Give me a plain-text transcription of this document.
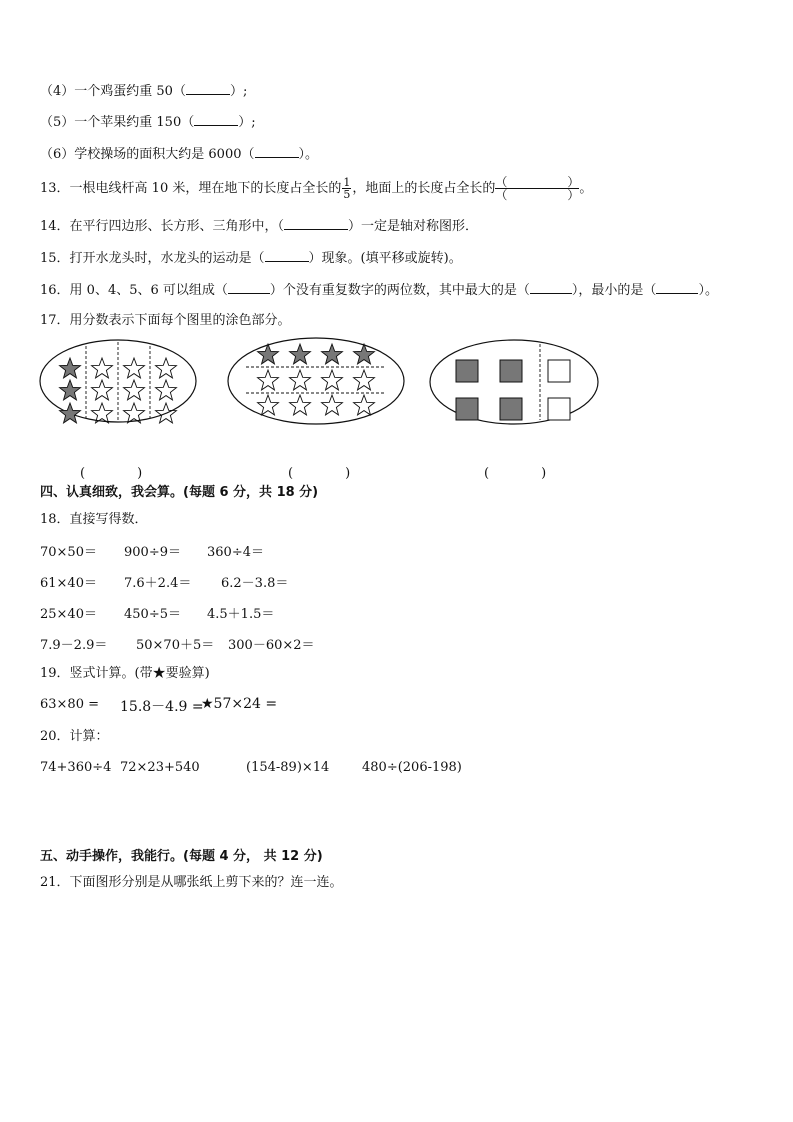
（4）一个鸡蛋约重 50（	）;
（5）一个苹果约重 150（	）;
（6）学校操场的面积大约是 6000（	）。
13．一根电线杆高 10 米，埋在地下的长度占全长的 $\frac{1}{5}$ ，地面上的长度占全长的 $\frac{( )}{( )}$ 。
14．在平行四边形、长方形、三角形中，（	）一定是轴对称图形．
15．打开水龙头时，水龙头的运动是（	）现象。(填平移或旋转)。
16．用 0、4、5、6 可以组成（	）个没有重复数字的两位数，其中最大的是（	），最小的是（	）。
17．用分数表示下面每个图里的涂色部分。
(　　　　)	(　　　　)	(　　　　)
四、认真细致，我会算。(每题 6 分，共 18 分)
18．直接写得数．
70×50＝ 900÷9＝ 360÷4＝
61×40＝ 7.6＋2.4＝ 6.2－3.8＝
25×40＝ 450÷5＝ 4.5＋1.5＝
7.9－2.9＝ 50×70＋5＝ 300－60×2＝
19．竖式计算。(带★要验算)
63×80 = 15.8－4.9 =
★57×24 =
20．计算：
74+360÷4 72×23+540	(154-89)×14	480÷(206-198)
五、动手操作，我能行。(每题 4 分， 共 12 分)
21．下面图形分别是从哪张纸上剪下来的？连一连。
